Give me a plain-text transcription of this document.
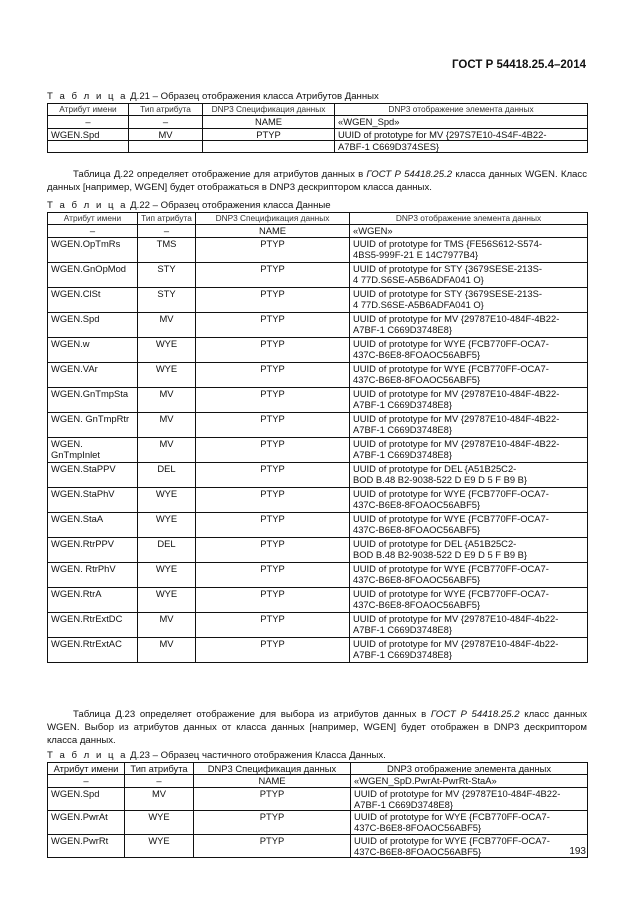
ГОСТ Р 54418.25.4–2014
Т а б л и ц а Д.21 – Образец отображения класса Атрибутов Данных
Атрибут имени	Тип атрибута	DNP3 Спецификация данных	DNP3 отображение элемента данных
–	–	NAME	«WGEN_Spd»
WGEN.Spd	MV	PTYP	UUID of prototype for MV {297S7E10-4S4F-4B22-
			A7BF-1 C669D374SES}
Таблица Д.22 определяет отображение для атрибутов данных в ГОСТ Р 54418.25.2 класса данных WGEN. Класс данных [например, WGEN] будет отображаться в DNP3 дескриптором класса данных.
Т а б л и ц а Д.22 – Образец отображения класса Данные
Атрибут имени	Тип атрибута	DNP3 Спецификация данных	DNP3 отображение элемента данных
–	–	NAME	«WGEN»
WGEN.OpTmRs	TMS	PTYP	UUID of prototype for TMS {FE56S612-S574-
4BS5-999F-21 E 14C7977B4}
WGEN.GnOpMod	STY	PTYP	UUID of prototype for STY {3679SESE-213S-
4 77D.S6SE-A5B6ADFA041 O}
WGEN.ClSt	STY	PTYP	UUID of prototype for STY {3679SESE-213S-
4 77D.S6SE-A5B6ADFA041 O}
WGEN.Spd	MV	PTYP	UUID of prototype for MV {29787E10-484F-4B22-
A7BF-1 C669D3748E8}
WGEN.w	WYE	PTYP	UUID of prototype for WYE {FCB770FF-OCA7-
437C-B6E8-8FOAOC56ABF5}
WGEN.VAr	WYE	PTYP	UUID of prototype for WYE {FCB770FF-OCA7-
437C-B6E8-8FOAOC56ABF5}
WGEN.GnTmpSta	MV	PTYP	UUID of prototype for MV {29787E10-484F-4B22-
A7BF-1 C669D3748E8}
WGEN. GnTmpRtr	MV	PTYP	UUID of prototype for MV {29787E10-484F-4B22-
A7BF-1 C669D3748E8}
WGEN.
GnTmpInlet	MV	PTYP	UUID of prototype for MV {29787E10-484F-4B22-
A7BF-1 C669D3748E8}
WGEN.StaPPV	DEL	PTYP	UUID of prototype for DEL {A51B25C2-
BOD B.48 B2-9038-522 D E9 D 5 F B9 B}
WGEN.StaPhV	WYE	PTYP	UUID of prototype for WYE {FCB770FF-OCA7-
437C-B6E8-8FOAOC56ABF5}
WGEN.StaA	WYE	PTYP	UUID of prototype for WYE {FCB770FF-OCA7-
437C-B6E8-8FOAOC56ABF5}
WGEN.RtrPPV	DEL	PTYP	UUID of prototype for DEL {A51B25C2-
BOD B.48 B2-9038-522 D E9 D 5 F B9 B}
WGEN. RtrPhV	WYE	PTYP	UUID of prototype for WYE {FCB770FF-OCA7-
437C-B6E8-8FOAOC56ABF5}
WGEN.RtrA	WYE	PTYP	UUID of prototype for WYE {FCB770FF-OCA7-
437C-B6E8-8FOAOC56ABF5}
WGEN.RtrExtDC	MV	PTYP	UUID of prototype for MV {29787E10-484F-4b22-
A7BF-1 C669D3748E8}
WGEN.RtrExtAC	MV	PTYP	UUID of prototype for MV {29787E10-484F-4b22-
A7BF-1 C669D3748E8}
Таблица Д.23 определяет отображение для выбора из атрибутов данных в ГОСТ Р 54418.25.2 класс данных WGEN. Выбор из атрибутов данных от класса данных [например, WGEN] будет отображен в DNP3 дескриптором класса данных.
Т а б л и ц а Д.23 – Образец частичного отображения Класса Данных.
Атрибут имени	Тип атрибута	DNP3 Спецификация данных	DNP3 отображение элемента данных
–	–	NAME	«WGEN_SpD.PwrAt-PwrRt-StaA»
WGEN.Spd	MV	PTYP	UUID of prototype for MV {29787E10-484F-4B22-
A7BF-1 C669D3748E8}
WGEN.PwrAt	WYE	PTYP	UUID of prototype for WYE {FCB770FF-OCA7-
437C-B6E8-8FOAOC56ABF5}
WGEN.PwrRt	WYE	PTYP	UUID of prototype for WYE {FCB770FF-OCA7-
437C-B6E8-8FOAOC56ABF5}	193
